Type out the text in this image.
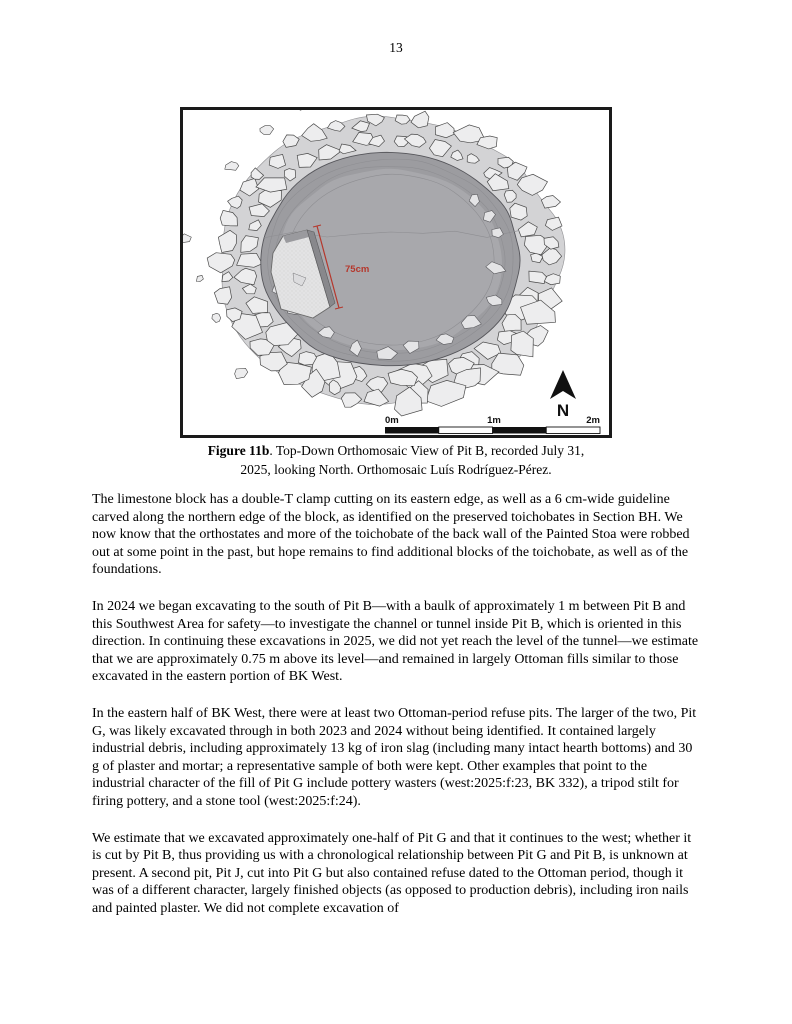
13
75cm
0m	1m	2m
N
Figure 11b. Top-Down Orthomosaic View of Pit B, recorded July 31,
2025, looking North. Orthomosaic Luís Rodríguez-Pérez.

The limestone block has a double-T clamp cutting on its eastern edge, as well as a 6 cm-wide guideline carved along the northern edge of the block, as identified on the preserved toichobates in Section BH. We now know that the orthostates and more of the toichobate of the back wall of the Painted Stoa were robbed out at some point in the past, but hope remains to find additional blocks of the toichobate, as well as of the foundations.

In 2024 we began excavating to the south of Pit B—with a baulk of approximately 1 m between Pit B and this Southwest Area for safety—to investigate the channel or tunnel inside Pit B, which is oriented in this direction. In continuing these excavations in 2025, we did not yet reach the level of the tunnel—we estimate that we are approximately 0.75 m above its level—and remained in largely Ottoman fills similar to those excavated in the eastern portion of BK West.

In the eastern half of BK West, there were at least two Ottoman-period refuse pits. The larger of the two, Pit G, was likely excavated through in both 2023 and 2024 without being identified. It contained largely industrial debris, including approximately 13 kg of iron slag (including many intact hearth bottoms) and 30 g of plaster and mortar; a representative sample of both were kept. Other examples that point to the industrial character of the fill of Pit G include pottery wasters (west:2025:f:23, BK 332), a tripod stilt for firing pottery, and a stone tool (west:2025:f:24).

We estimate that we excavated approximately one-half of Pit G and that it continues to the west; whether it is cut by Pit B, thus providing us with a chronological relationship between Pit G and Pit B, is unknown at present. A second pit, Pit J, cut into Pit G but also contained refuse dated to the Ottoman period, though it was of a different character, largely finished objects (as opposed to production debris), including iron nails and painted plaster. We did not complete excavation of
